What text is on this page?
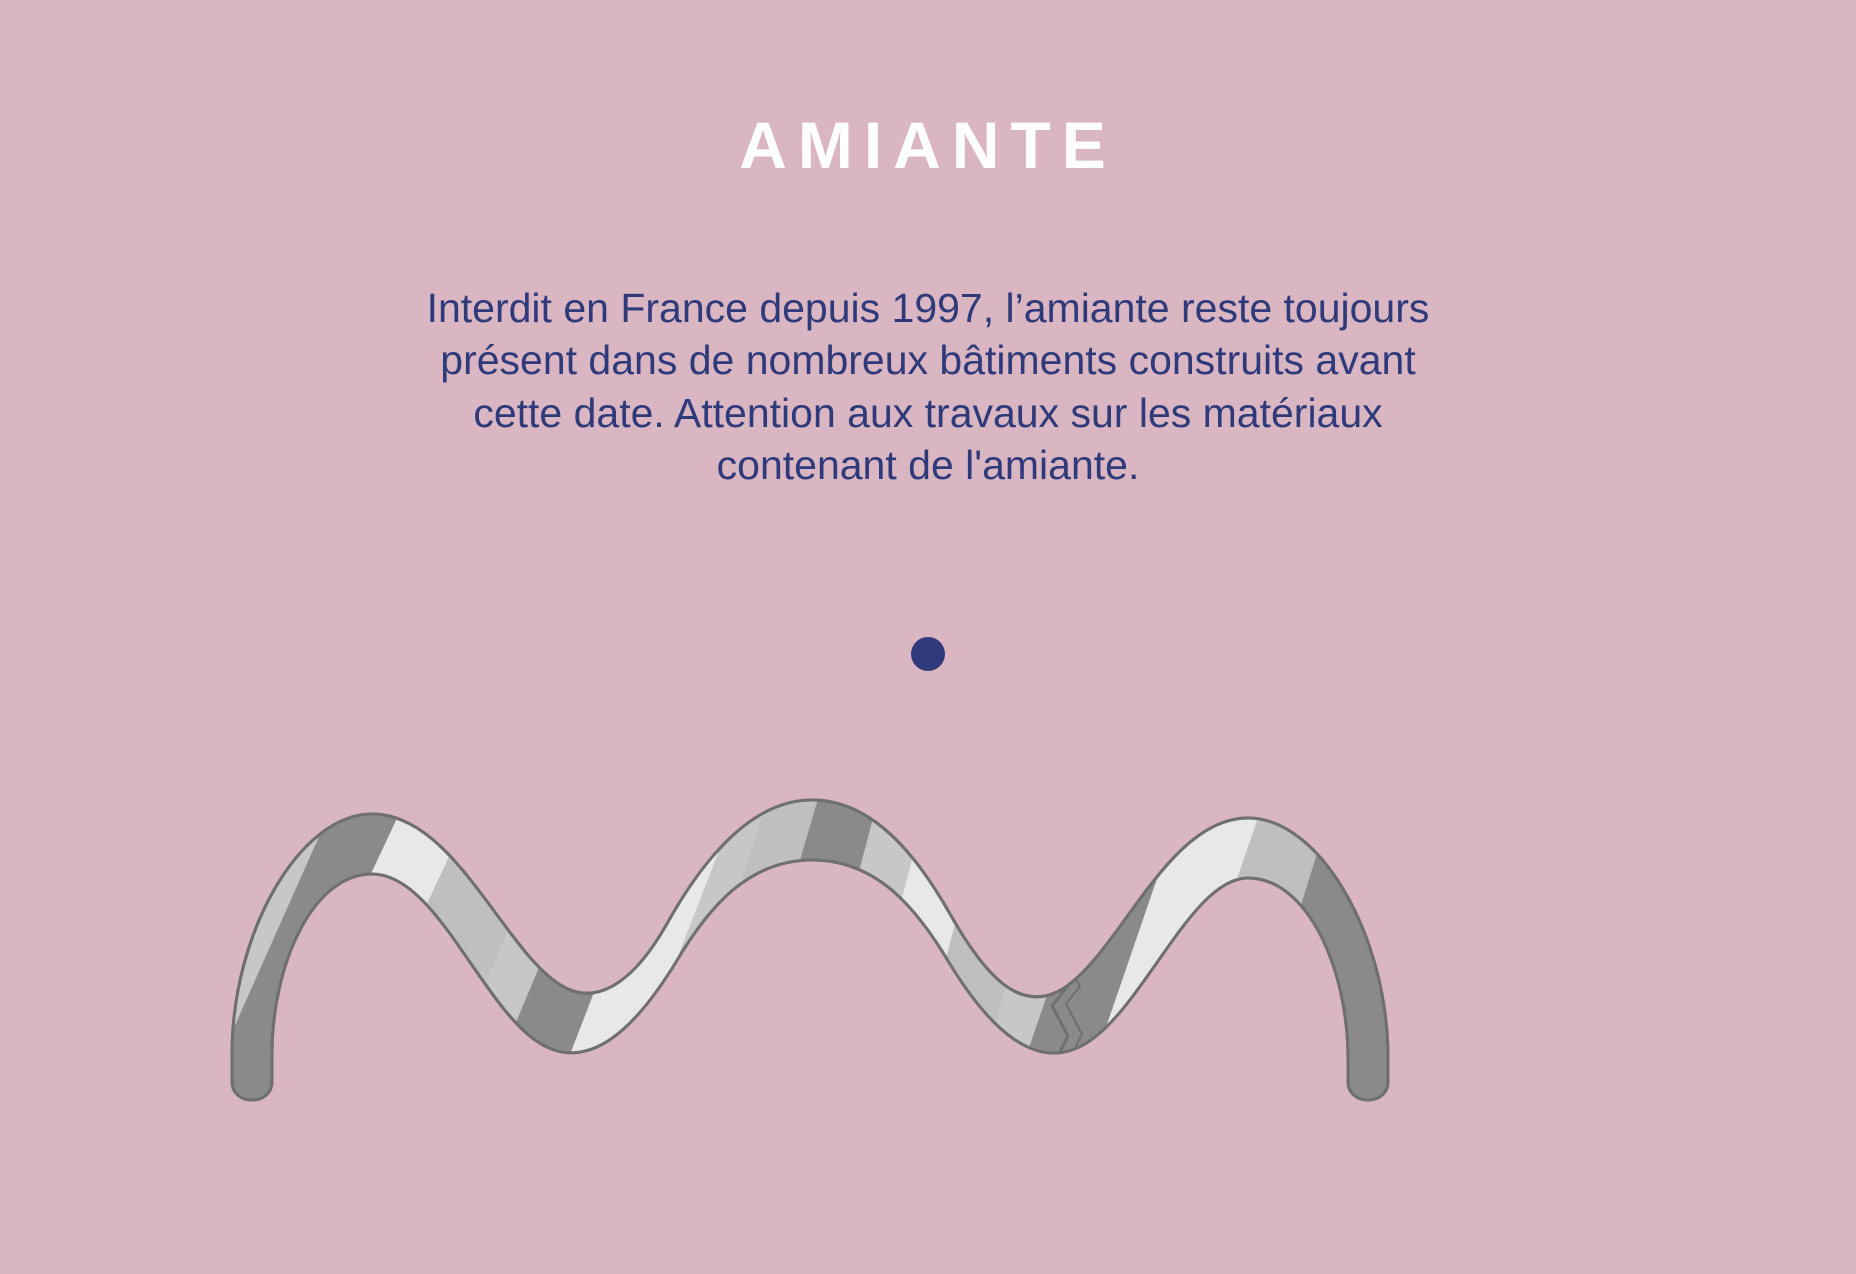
AMIANTE
Interdit en France depuis 1997, l’amiante reste toujours présent dans de nombreux bâtiments construits avant cette date. Attention aux travaux sur les matériaux contenant de l'amiante.
